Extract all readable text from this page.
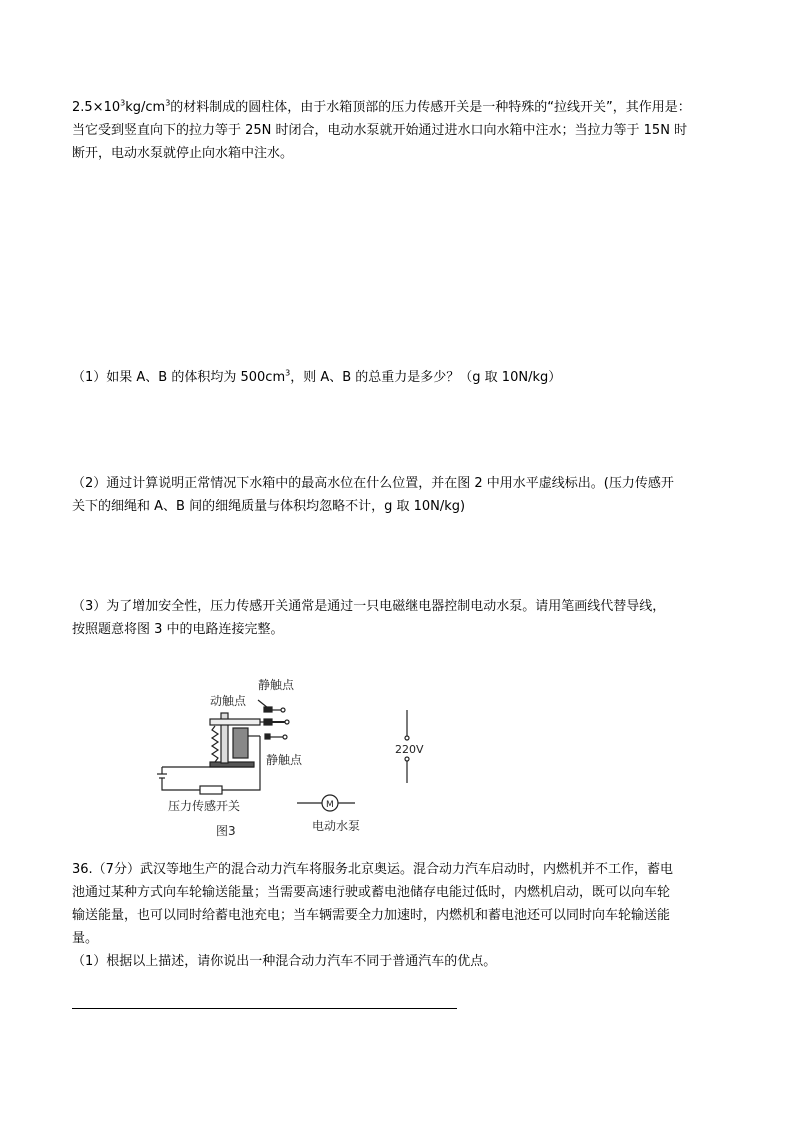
$2.5\times 10^3kg/cm^3$的材料制成的圆柱体，由于水箱顶部的压力传感开关是一种特殊的“拉线开关”，其作用是：
当它受到竖直向下的拉力等于 25N 时闭合，电动水泵就开始通过进水口向水箱中注水；当拉力等于 15N 时
断开，电动水泵就停止向水箱中注水。
（1）如果 A、B 的体积均为 $500cm^3$，则 A、B 的总重力是多少？（g 取 10N/kg）
（2）通过计算说明正常情况下水箱中的最高水位在什么位置，并在图 2 中用水平虚线标出。(压力传感开
关下的细绳和 A、B 间的细绳质量与体积均忽略不计，g 取 10N/kg)
（3）为了增加安全性，压力传感开关通常是通过一只电磁继电器控制电动水泵。请用笔画线代替导线，
按照题意将图 3 中的电路连接完整。
静触点
动触点
静触点
压力传感开关
图3
220V
M
电动水泵
36.（7分）武汉等地生产的混合动力汽车将服务北京奥运。混合动力汽车启动时，内燃机并不工作，蓄电
池通过某种方式向车轮输送能量；当需要高速行驶或蓄电池储存电能过低时，内燃机启动，既可以向车轮
输送能量，也可以同时给蓄电池充电；当车辆需要全力加速时，内燃机和蓄电池还可以同时向车轮输送能
量。
（1）根据以上描述，请你说出一种混合动力汽车不同于普通汽车的优点。
